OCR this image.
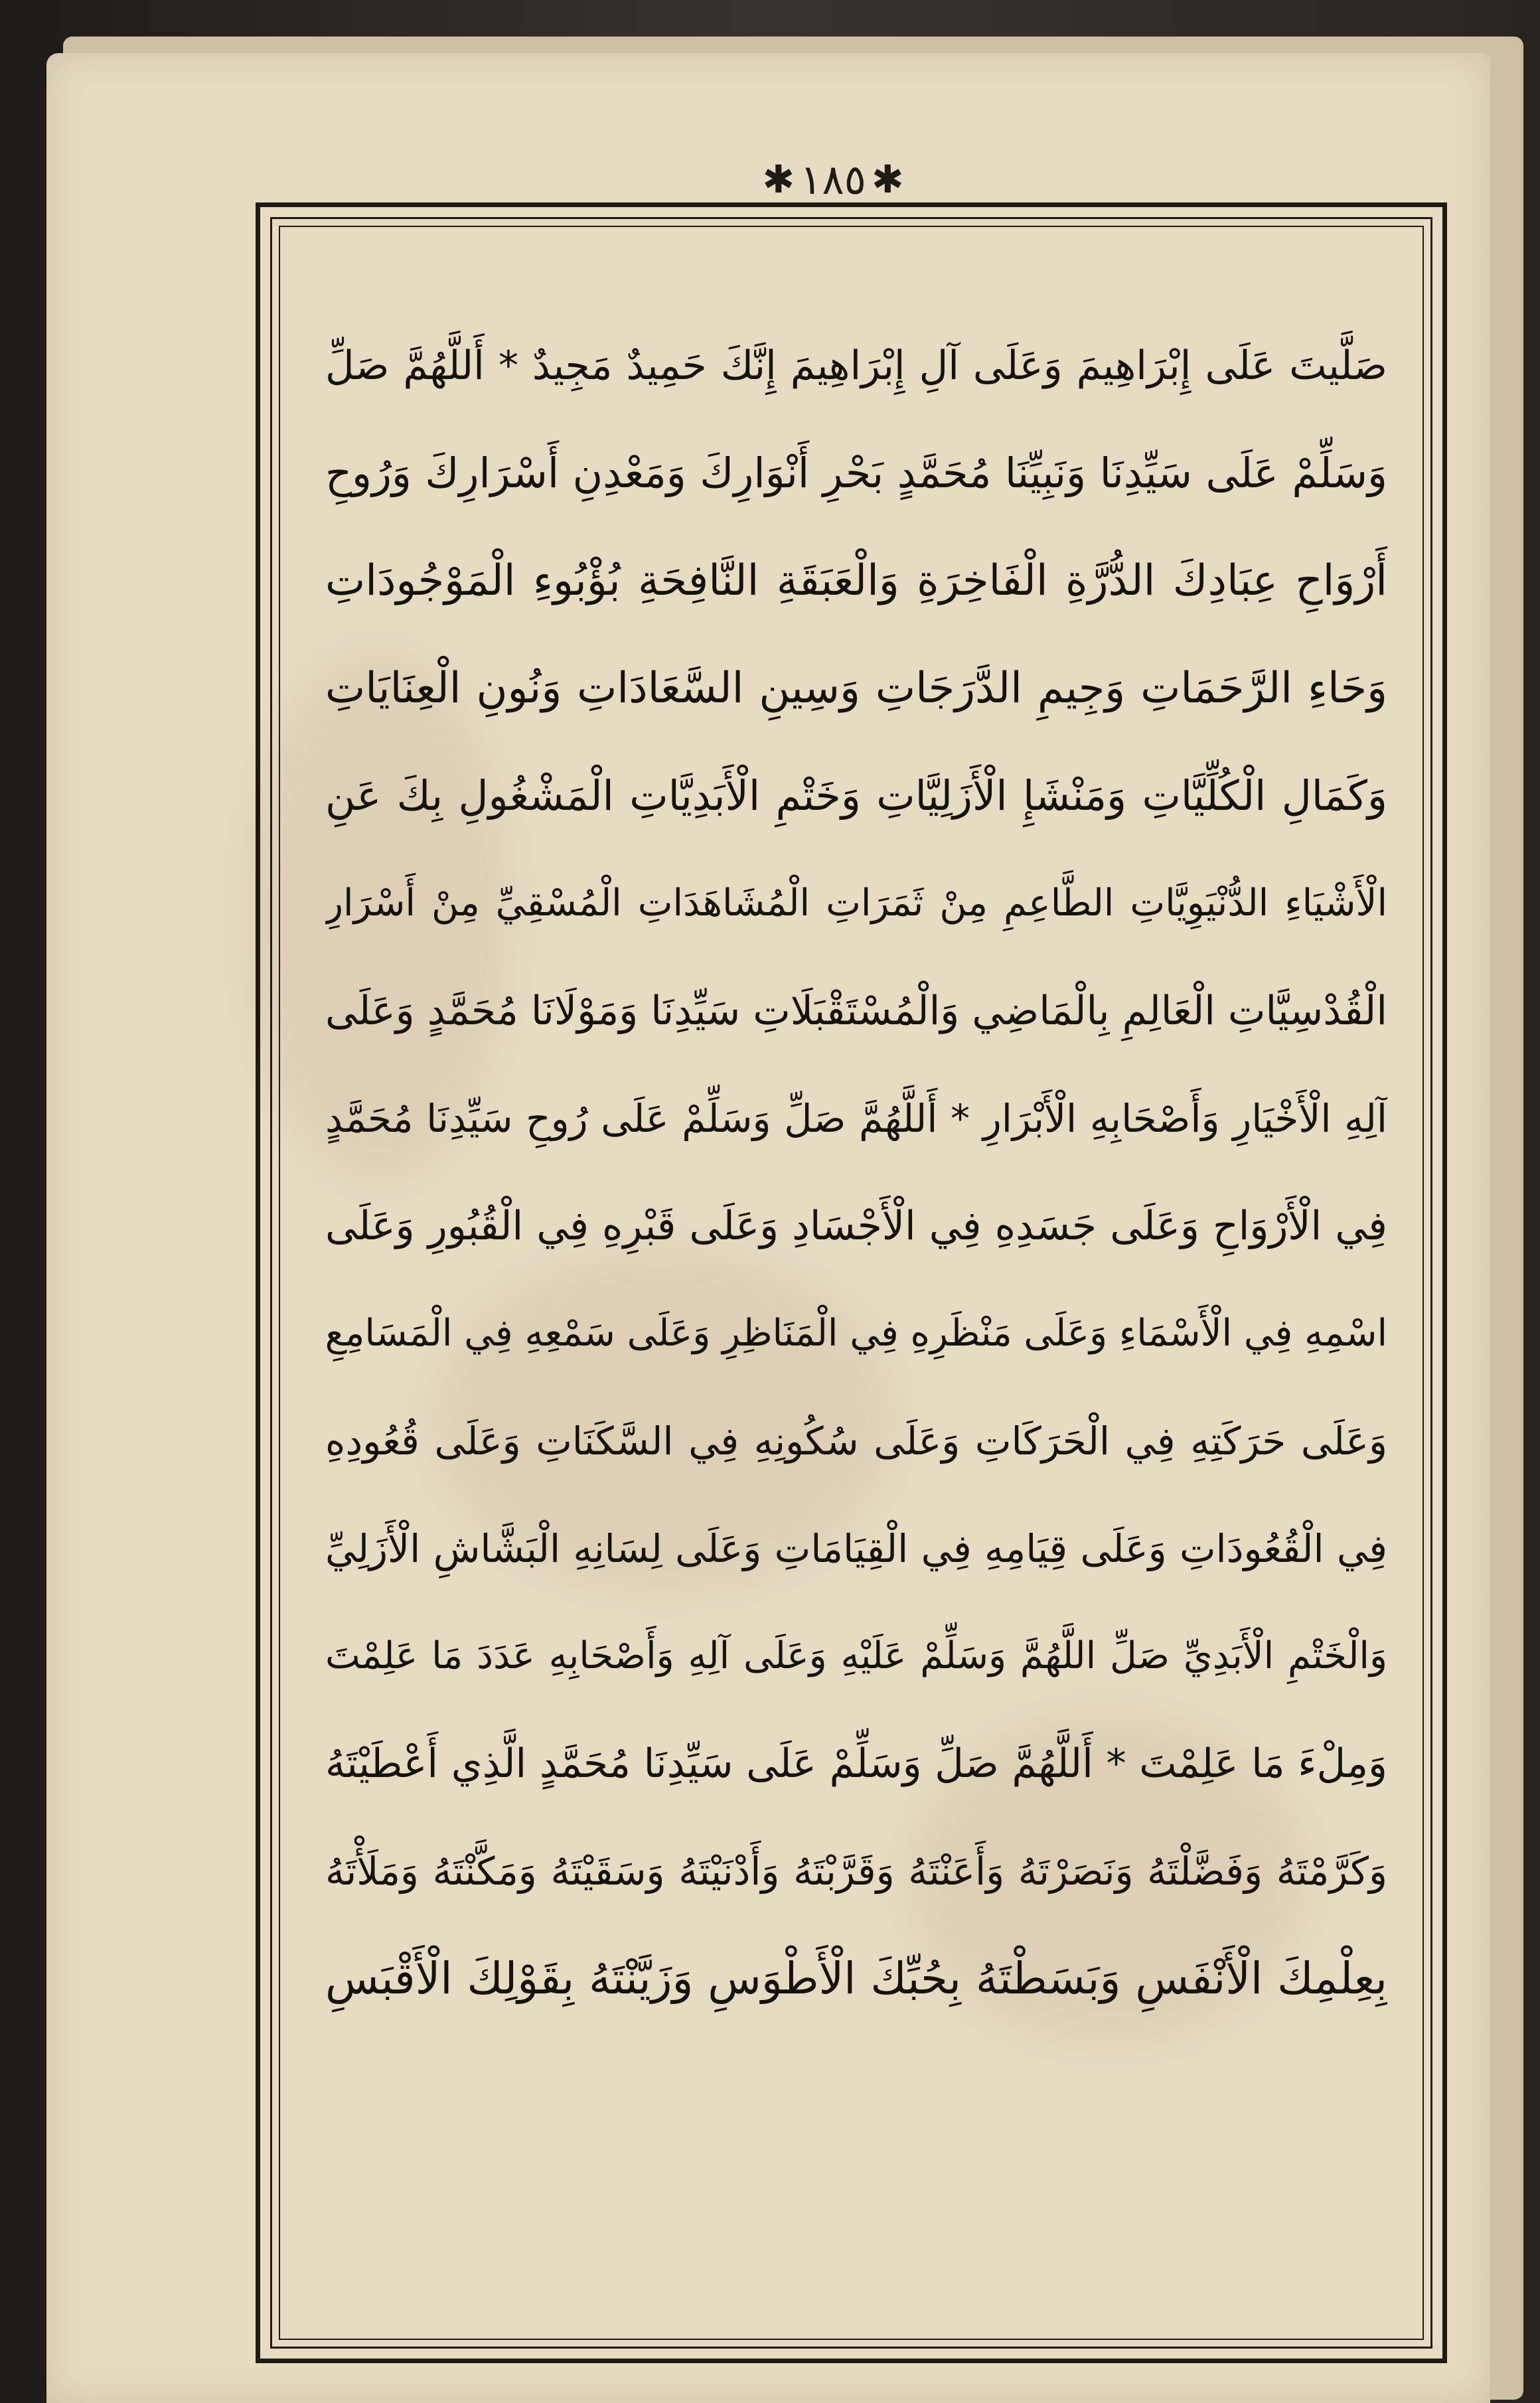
✱ ١٨٥ ✱
صَلَّيتَ عَلَى إِبْرَاهِيمَ وَعَلَى آلِ إِبْرَاهِيمَ إِنَّكَ حَمِيدٌ مَجِيدٌ * أَللَّهُمَّ صَلِّ
وَسَلِّمْ عَلَى سَيِّدِنَا وَنَبِيِّنَا مُحَمَّدٍ بَحْرِ أَنْوَارِكَ وَمَعْدِنِ أَسْرَارِكَ وَرُوحِ
أَرْوَاحِ عِبَادِكَ الدُّرَّةِ الْفَاخِرَةِ وَالْعَبَقَةِ النَّافِحَةِ بُؤْبُوءِ الْمَوْجُودَاتِ
وَحَاءِ الرَّحَمَاتِ وَجِيمِ الدَّرَجَاتِ وَسِينِ السَّعَادَاتِ وَنُونِ الْعِنَايَاتِ
وَكَمَالِ الْكُلِّيَّاتِ وَمَنْشَإِ الْأَزَلِيَّاتِ وَخَتْمِ الْأَبَدِيَّاتِ الْمَشْغُولِ بِكَ عَنِ
الْأَشْيَاءِ الدُّنْيَوِيَّاتِ الطَّاعِمِ مِنْ ثَمَرَاتِ الْمُشَاهَدَاتِ الْمُسْقِيِّ مِنْ أَسْرَارِ
الْقُدْسِيَّاتِ الْعَالِمِ بِالْمَاضِي وَالْمُسْتَقْبَلَاتِ سَيِّدِنَا وَمَوْلَانَا مُحَمَّدٍ وَعَلَى
آلِهِ الْأَخْيَارِ وَأَصْحَابِهِ الْأَبْرَارِ * أَللَّهُمَّ صَلِّ وَسَلِّمْ عَلَى رُوحِ سَيِّدِنَا مُحَمَّدٍ
فِي الْأَرْوَاحِ وَعَلَى جَسَدِهِ فِي الْأَجْسَادِ وَعَلَى قَبْرِهِ فِي الْقُبُورِ وَعَلَى
اسْمِهِ فِي الْأَسْمَاءِ وَعَلَى مَنْظَرِهِ فِي الْمَنَاظِرِ وَعَلَى سَمْعِهِ فِي الْمَسَامِعِ
وَعَلَى حَرَكَتِهِ فِي الْحَرَكَاتِ وَعَلَى سُكُونِهِ فِي السَّكَنَاتِ وَعَلَى قُعُودِهِ
فِي الْقُعُودَاتِ وَعَلَى قِيَامِهِ فِي الْقِيَامَاتِ وَعَلَى لِسَانِهِ الْبَشَّاشِ الْأَزَلِيِّ
وَالْخَتْمِ الْأَبَدِيِّ صَلِّ اللَّهُمَّ وَسَلِّمْ عَلَيْهِ وَعَلَى آلِهِ وَأَصْحَابِهِ عَدَدَ مَا عَلِمْتَ
وَمِلْءَ مَا عَلِمْتَ * أَللَّهُمَّ صَلِّ وَسَلِّمْ عَلَى سَيِّدِنَا مُحَمَّدٍ الَّذِي أَعْطَيْتَهُ
وَكَرَّمْتَهُ وَفَضَّلْتَهُ وَنَصَرْتَهُ وَأَعَنْتَهُ وَقَرَّبْتَهُ وَأَدْنَيْتَهُ وَسَقَيْتَهُ وَمَكَّنْتَهُ وَمَلَأْتَهُ
بِعِلْمِكَ الْأَنْفَسِ وَبَسَطْتَهُ بِحُبِّكَ الْأَطْوَسِ وَزَيَّنْتَهُ بِقَوْلِكَ الْأَقْبَسِ
